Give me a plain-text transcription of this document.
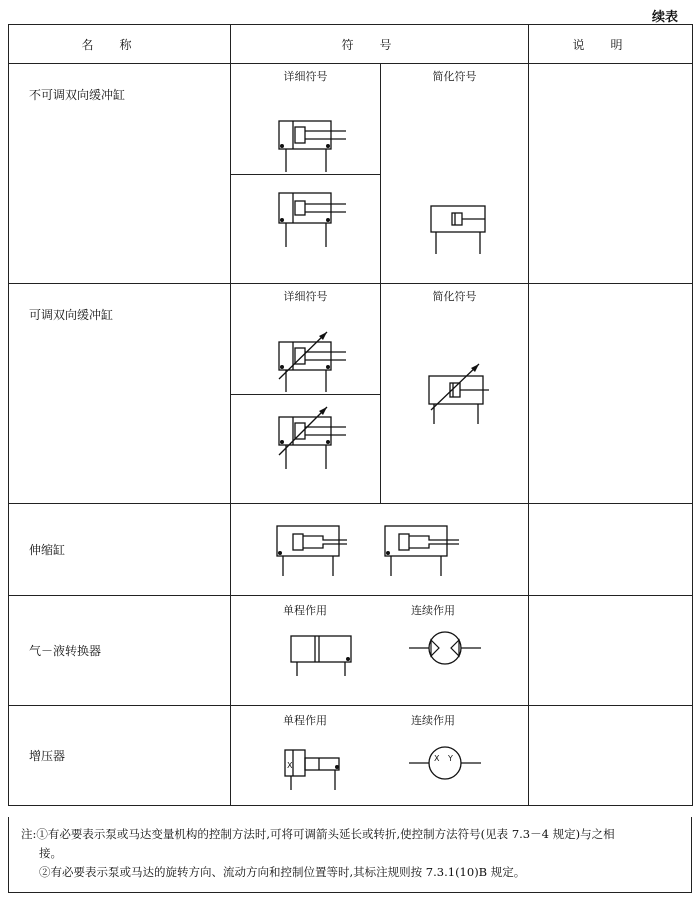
续表
名称	符号	说明
不可调双向缓冲缸	详细符号 简化符号	

可调双向缓冲缸	详细符号 简化符号	

伸缩缸	

气－液转换器	单程作用 连续作用	

增压器	单程作用 连续作用
X
X Y	

注:①有必要表示泵或马达变量机构的控制方法时,可将可调箭头延长或转折,使控制方法符号(见表 7.3－4 规定)与之相

接。

②有必要表示泵或马达的旋转方向、流动方向和控制位置等时,其标注规则按 7.3.1(10)B 规定。
